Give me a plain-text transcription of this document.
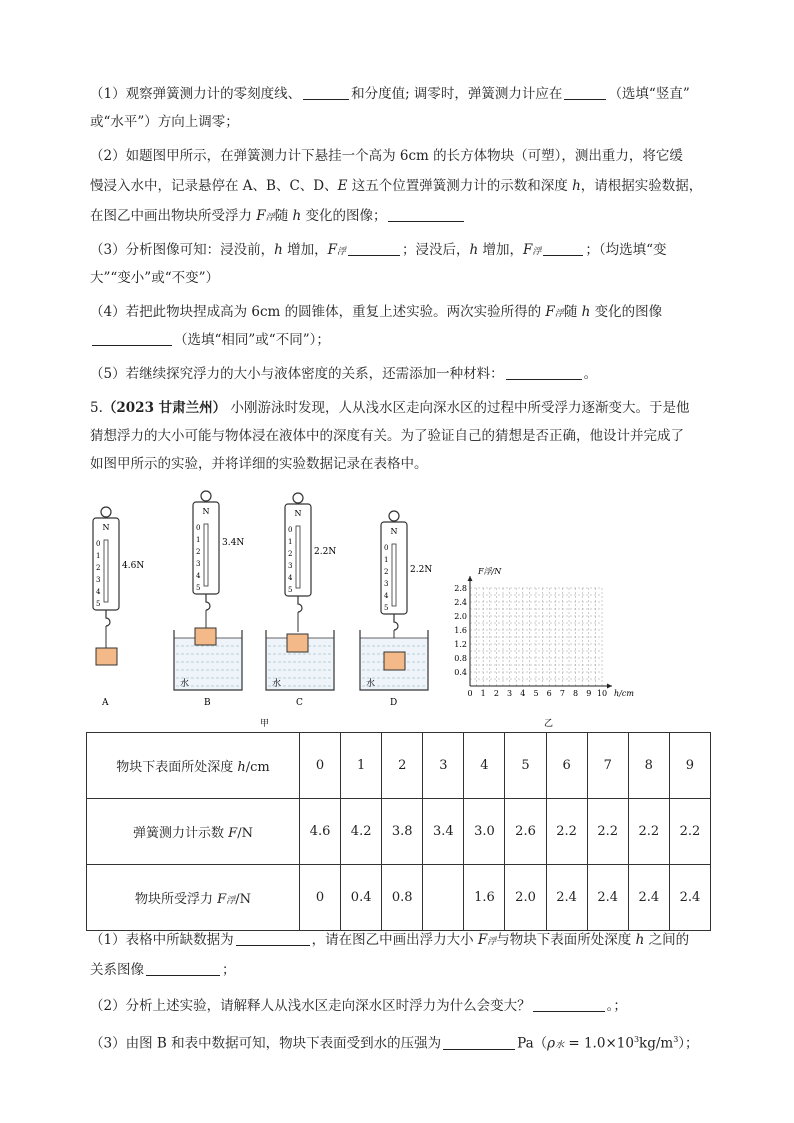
（1）观察弹簧测力计的零刻度线、	和分度值; 调零时，弹簧测力计应在	（选填“竖直”
或“水平”）方向上调零；
（2）如题图甲所示，在弹簧测力计下悬挂一个高为 6cm 的长方体物块（可塑），测出重力，将它缓
慢浸入水中，记录悬停在 A、B、C、D、E 这五个位置弹簧测力计的示数和深度 h，请根据实验数据，
在图乙中画出物块所受浮力 F浮随 h 变化的图像；
（3）分析图像可知：浸没前，h 增加，F浮	；浸没后，h 增加，F浮	；（均选填“变
大”“变小”或“不变”）
（4）若把此物块捏成高为 6cm 的圆锥体，重复上述实验。两次实验所得的 F浮随 h 变化的图像
（选填“相同”或“不同”）；
（5）若继续探究浮力的大小与液体密度的关系，还需添加一种材料：	。
5.（2023 甘肃兰州） 小刚游泳时发现，人从浅水区走向深水区的过程中所受浮力逐渐变大。于是他
猜想浮力的大小可能与物体浸在液体中的深度有关。为了验证自己的猜想是否正确，他设计并完成了
如图甲所示的实验，并将详细的实验数据记录在表格中。
N
0
1
2
3
4
5
4.6N
A
N
0
1
2
3
4
5
3.4N
水
B
N
0
1
2
3
4
5
2.2N
水
C
N
0
1
2
3
4
5
2.2N
水
D
甲
0 1 2 3 4 5 6 7 8 9 10
0.4
0.8
1.2
1.6
2.0
2.4
2.8
h/cm
F浮/N
乙
物块下表面所处深度 h/cm	0	1	2	3	4	5	6	7	8	9
弹簧测力计示数 F/N	4.6	4.2	3.8	3.4	3.0	2.6	2.2	2.2	2.2	2.2
物块所受浮力 F浮/N	0	0.4	0.8		1.6	2.0	2.4	2.4	2.4	2.4
（1）表格中所缺数据为	，请在图乙中画出浮力大小 F浮与物块下表面所处深度 h 之间的
关系图像	；
（2）分析上述实验，请解释人从浅水区走向深水区时浮力为什么会变大？	。；
（3）由图 B 和表中数据可知，物块下表面受到水的压强为	Pa（ρ水 = $1.0\times 10^3kg/m^3$）；
